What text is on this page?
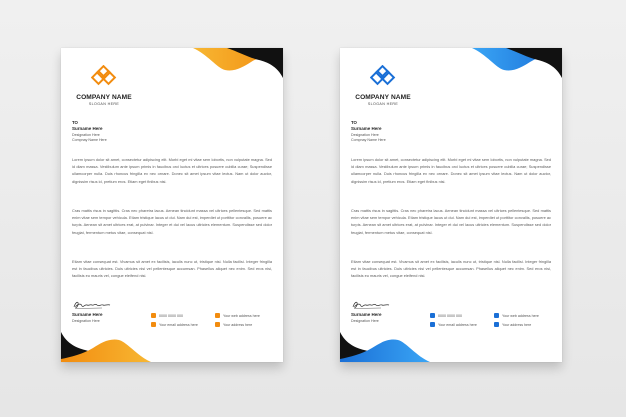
COMPANY NAME
SLOGAN HERE
TO
Surname Here
Designation Here
Compnay Name Here

Lorem ipsum dolor sit amet, consectetur adipiscing elit. Morbi eget mi vitae sem lobortis, non vulputate magna. Sed id diam massa. Vestibulum ante ipsum primis in faucibus orci luctus et ultrices posuere cubilia curae; Suspendisse ullamcorper nulla. Duis rhoncus fringilla ex nec ornare. Donec sit amet ipsum vitae lectus. Nam ut dolor auctor, dignissim risus id, pretium eros. Etiam eget finibus nisi.

Cras mattis risus in sagittis. Cras nec pharetra lacus. Aenean tincidunt massa vel ultrices pellentesque. Sed mattis enim vitae sem tempor vehicula. Etiam tristique lacus ut dui. Nam dui est, imperdiet ut porttitor convallis, posuere ac turpis. Aenean sit amet ultrices erat, at pulvinar. Integer et dui vel lacus ultricies elementum. Suspendisse sed dolor feugiat, fermentum metus vitae, consequat nisl.

Etiam vitae consequat est. Vivamus sit amet ex facilisis, iaculis nunc ut, tristique nisi. Nulla facilisi. Integer fringilla est in faucibus ultricies. Duis ultricies nisi vel pellentesque accumsan. Phasellus aliquet nec enim. Sed eros nisi, facilisis eu mauris vel, congue eleifend nisi.

Surname Here
Designation Here
0000 0000 000
Your email address here
Your web address here
Your address here
COMPANY NAME
SLOGAN HERE
TO
Surname Here
Designation Here
Compnay Name Here

Lorem ipsum dolor sit amet, consectetur adipiscing elit. Morbi eget mi vitae sem lobortis, non vulputate magna. Sed id diam massa. Vestibulum ante ipsum primis in faucibus orci luctus et ultrices posuere cubilia curae; Suspendisse ullamcorper nulla. Duis rhoncus fringilla ex nec ornare. Donec sit amet ipsum vitae lectus. Nam ut dolor auctor, dignissim risus id, pretium eros. Etiam eget finibus nisi.

Cras mattis risus in sagittis. Cras nec pharetra lacus. Aenean tincidunt massa vel ultrices pellentesque. Sed mattis enim vitae sem tempor vehicula. Etiam tristique lacus ut dui. Nam dui est, imperdiet ut porttitor convallis, posuere ac turpis. Aenean sit amet ultrices erat, at pulvinar. Integer et dui vel lacus ultricies elementum. Suspendisse sed dolor feugiat, fermentum metus vitae, consequat nisl.

Etiam vitae consequat est. Vivamus sit amet ex facilisis, iaculis nunc ut, tristique nisi. Nulla facilisi. Integer fringilla est in faucibus ultricies. Duis ultricies nisi vel pellentesque accumsan. Phasellus aliquet nec enim. Sed eros nisi, facilisis eu mauris vel, congue eleifend nisi.

Surname Here
Designation Here
0000 0000 000
Your email address here
Your web address here
Your address here
